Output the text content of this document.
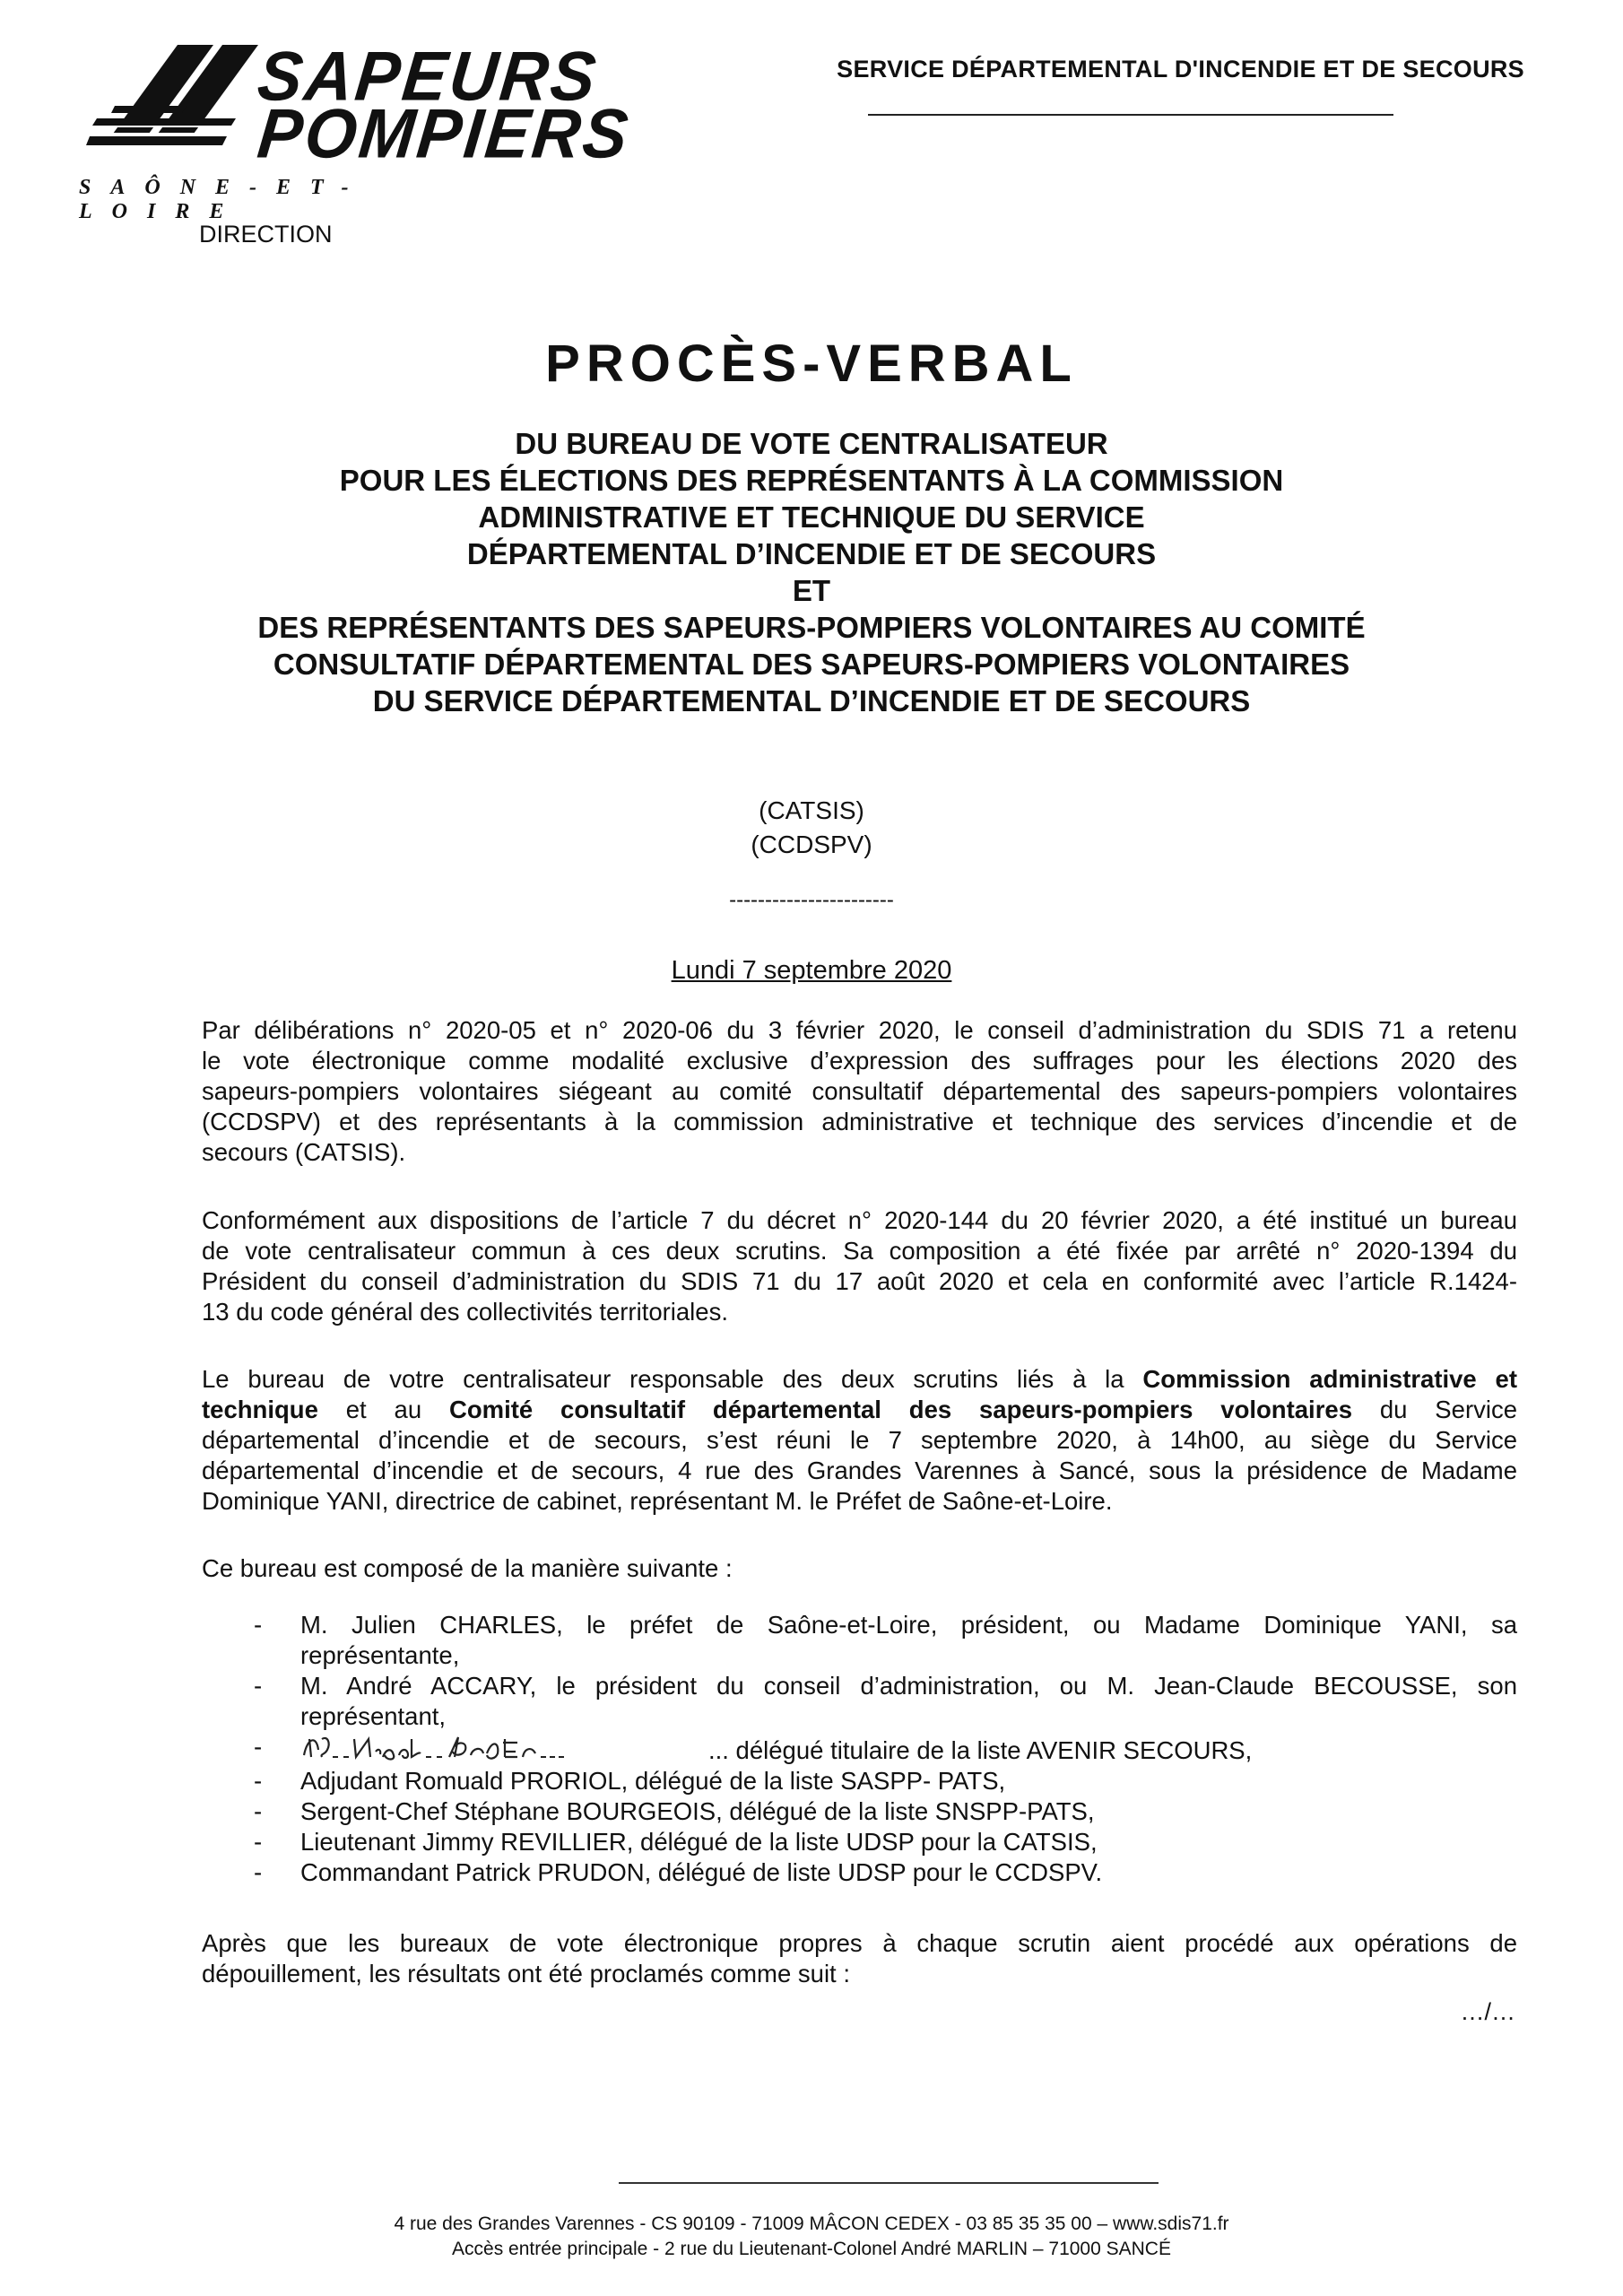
SAPEURS
POMPIERS
SAÔNE-ET-LOIRE
SERVICE DÉPARTEMENTAL D'INCENDIE ET DE SECOURS
DIRECTION
PROCÈS-VERBAL
DU BUREAU DE VOTE CENTRALISATEUR
POUR LES ÉLECTIONS DES REPRÉSENTANTS À LA COMMISSION
ADMINISTRATIVE ET TECHNIQUE DU SERVICE
DÉPARTEMENTAL D’INCENDIE ET DE SECOURS
ET
DES REPRÉSENTANTS DES SAPEURS-POMPIERS VOLONTAIRES AU COMITÉ
CONSULTATIF DÉPARTEMENTAL DES SAPEURS-POMPIERS VOLONTAIRES
DU SERVICE DÉPARTEMENTAL D’INCENDIE ET DE SECOURS
(CATSIS)
(CCDSPV)
-----------------------
Lundi 7 septembre 2020
Par délibérations n° 2020-05 et n° 2020-06 du 3 février 2020, le conseil d’administration du SDIS 71 a retenu
le vote électronique comme modalité exclusive d’expression des suffrages pour les élections 2020 des
sapeurs-pompiers volontaires siégeant au comité consultatif départemental des sapeurs-pompiers volontaires
(CCDSPV) et des représentants à la commission administrative et technique des services d’incendie et de
secours (CATSIS).
Conformément aux dispositions de l’article 7 du décret n° 2020-144 du 20 février 2020, a été institué un bureau
de vote centralisateur commun à ces deux scrutins. Sa composition a été fixée par arrêté n° 2020-1394 du
Président du conseil d’administration du SDIS 71 du 17 août 2020 et cela en conformité avec l’article R.1424-
13 du code général des collectivités territoriales.
Le bureau de votre centralisateur responsable des deux scrutins liés à la Commission administrative et
technique et au Comité consultatif départemental des sapeurs-pompiers volontaires du Service
départemental d’incendie et de secours, s’est réuni le 7 septembre 2020, à 14h00, au siège du Service
départemental d’incendie et de secours, 4 rue des Grandes Varennes à Sancé, sous la présidence de Madame
Dominique YANI, directrice de cabinet, représentant M. le Préfet de Saône-et-Loire.
Ce bureau est composé de la manière suivante :
- M. Julien CHARLES, le préfet de Saône-et-Loire, président, ou Madame Dominique YANI, sa
représentante,
- M. André ACCARY, le président du conseil d’administration, ou M. Jean-Claude BECOUSSE, son
représentant,
- ... délégué titulaire de la liste AVENIR SECOURS,
- Adjudant Romuald PRORIOL, délégué de la liste SASPP- PATS,
- Sergent-Chef Stéphane BOURGEOIS, délégué de la liste SNSPP-PATS,
- Lieutenant Jimmy REVILLIER, délégué de la liste UDSP pour la CATSIS,
- Commandant Patrick PRUDON, délégué de liste UDSP pour le CCDSPV.
Après que les bureaux de vote électronique propres à chaque scrutin aient procédé aux opérations de
dépouillement, les résultats ont été proclamés comme suit :
…/…
4 rue des Grandes Varennes - CS 90109 - 71009 MÂCON CEDEX - 03 85 35 35 00 – www.sdis71.fr
Accès entrée principale - 2 rue du Lieutenant-Colonel André MARLIN – 71000 SANCÉ
